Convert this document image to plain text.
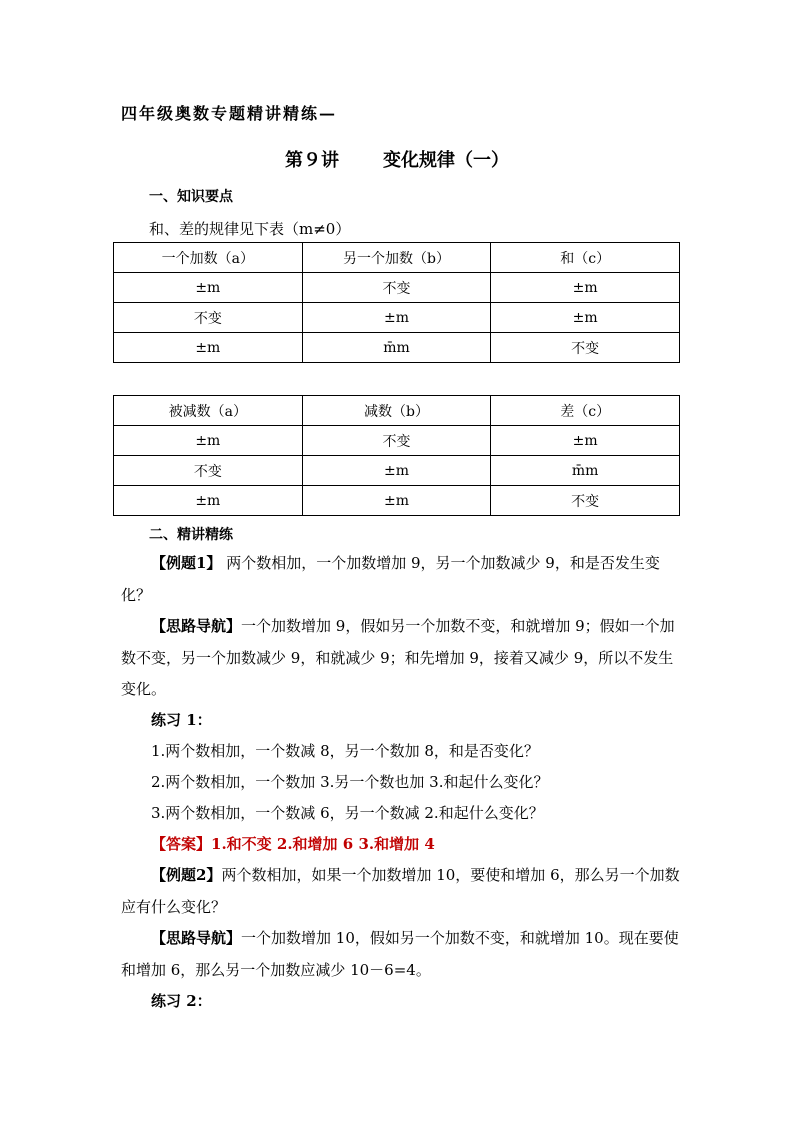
四年级奥数专题精讲精练—
第９讲 变化规律（一）
一、知识要点
和、差的规律见下表（m≠0）
一个加数（a）	另一个加数（b）	和（c）
±m	不变	±m
不变	±m	±m
±m	m̄m	不变
被减数（a）	减数（b）	差（c）
±m	不变	±m
不变	±m	m̄m
±m	±m	不变
二、精讲精练

【例题1】 两个数相加，一个加数增加 9，另一个加数减少 9，和是否发生变化？

【思路导航】一个加数增加 9，假如另一个加数不变，和就增加 9；假如一个加数不变，另一个加数减少 9，和就减少 9；和先增加 9，接着又减少 9，所以不发生变化。

练习 1：

1.两个数相加，一个数减 8，另一个数加 8，和是否变化？

2.两个数相加，一个数加 3.另一个数也加 3.和起什么变化？

3.两个数相加，一个数减 6，另一个数减 2.和起什么变化？

【答案】1.和不变 2.和增加 6 3.和增加 4

【例题2】两个数相加，如果一个加数增加 10，要使和增加 6，那么另一个加数应有什么变化？

【思路导航】一个加数增加 10，假如另一个加数不变，和就增加 10。现在要使和增加 6，那么另一个加数应减少 10－6=4。

练习 2：
